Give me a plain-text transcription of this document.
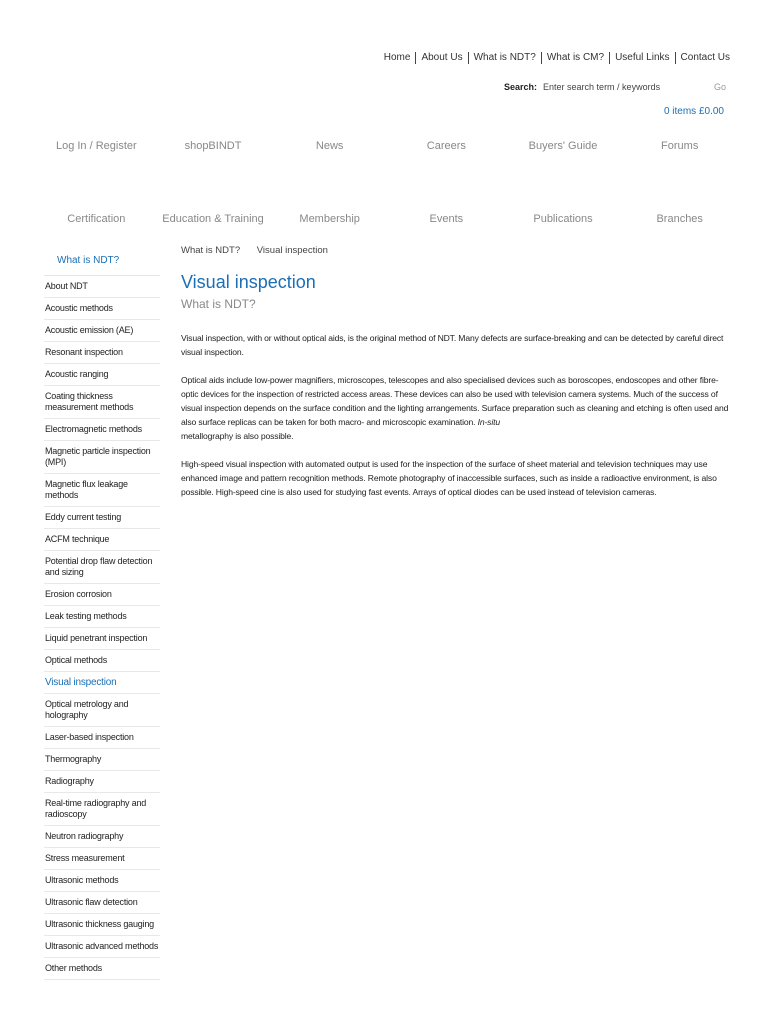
Home	About Us	What is NDT?	What is CM?	Useful Links	Contact Us
Search:
Enter search term / keywords	Go
0 items £0.00
Log In / Register	shopBINDT	News	Careers	Buyers' Guide	Forums
Certification	Education & Training	Membership	Events	Publications	Branches
What is NDT?
About NDT
Acoustic methods
Acoustic emission (AE)
Resonant inspection
Acoustic ranging
Coating thickness measurement methods
Electromagnetic methods
Magnetic particle inspection (MPI)
Magnetic flux leakage methods
Eddy current testing
ACFM technique
Potential drop flaw detection and sizing
Erosion corrosion
Leak testing methods
Liquid penetrant inspection
Optical methods
Visual inspection
Optical metrology and holography
Laser-based inspection
Thermography
Radiography
Real-time radiography and radioscopy
Neutron radiography
Stress measurement
Ultrasonic methods
Ultrasonic flaw detection
Ultrasonic thickness gauging
Ultrasonic advanced methods
Other methods
What is NDT? Visual inspection
Visual inspection
What is NDT?

Visual inspection, with or without optical aids, is the original method of NDT. Many defects are surface-breaking and can be detected by careful direct visual inspection.

Optical aids include low-power magnifiers, microscopes, telescopes and also specialised devices such as boroscopes, endoscopes and other fibre-optic devices for the inspection of restricted access areas. These devices can also be used with television camera systems. Much of the success of visual inspection depends on the surface condition and the lighting arrangements. Surface preparation such as cleaning and etching is often used and also surface replicas can be taken for both macro- and microscopic examination. In-situ
metallography is also possible.

High-speed visual inspection with automated output is used for the inspection of the surface of sheet material and television techniques may use enhanced image and pattern recognition methods. Remote photography of inaccessible surfaces, such as inside a radioactive environment, is also possible. High-speed cine is also used for studying fast events. Arrays of optical diodes can be used instead of television cameras.
